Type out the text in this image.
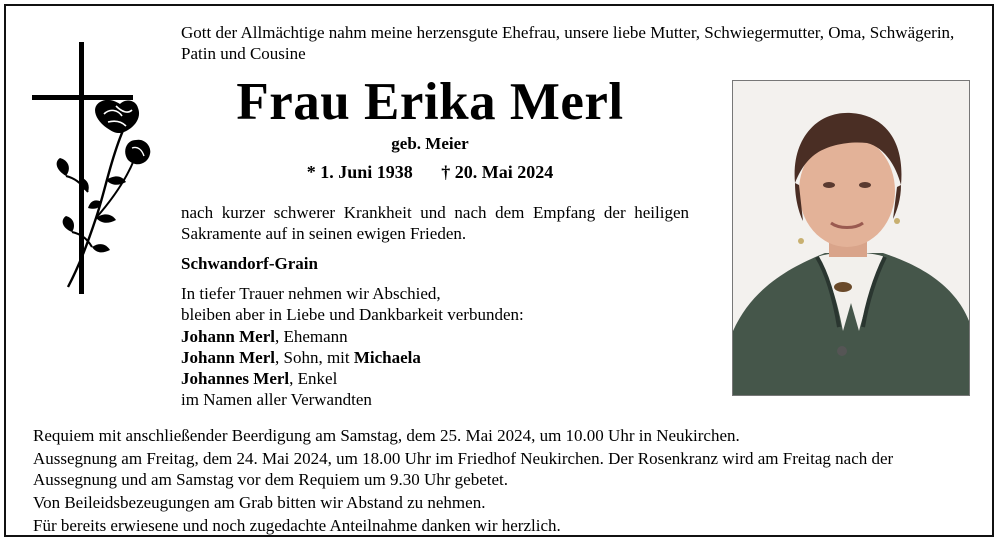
Gott der Allmächtige nahm meine herzensgute Ehefrau, unsere liebe Mutter, Schwiegermutter, Oma, Schwägerin, Patin und Cousine
Frau Erika Merl
geb. Meier
* 1. Juni 1938 † 20. Mai 2024
nach kurzer schwerer Krankheit und nach dem Empfang der heiligen Sakramente auf in seinen ewigen Frieden.
Schwandorf-Grain
In tiefer Trauer nehmen wir Abschied,
bleiben aber in Liebe und Dankbarkeit verbunden:
Johann Merl, Ehemann
Johann Merl, Sohn, mit Michaela
Johannes Merl, Enkel
im Namen aller Verwandten

Requiem mit anschließender Beerdigung am Samstag, dem 25. Mai 2024, um 10.00 Uhr in Neukirchen.

Aussegnung am Freitag, dem 24. Mai 2024, um 18.00 Uhr im Friedhof Neukirchen. Der Rosenkranz wird am Freitag nach der Aussegnung und am Samstag vor dem Requiem um 9.30 Uhr gebetet.

Von Beileidsbezeugungen am Grab bitten wir Abstand zu nehmen.

Für bereits erwiesene und noch zugedachte Anteilnahme danken wir herzlich.
